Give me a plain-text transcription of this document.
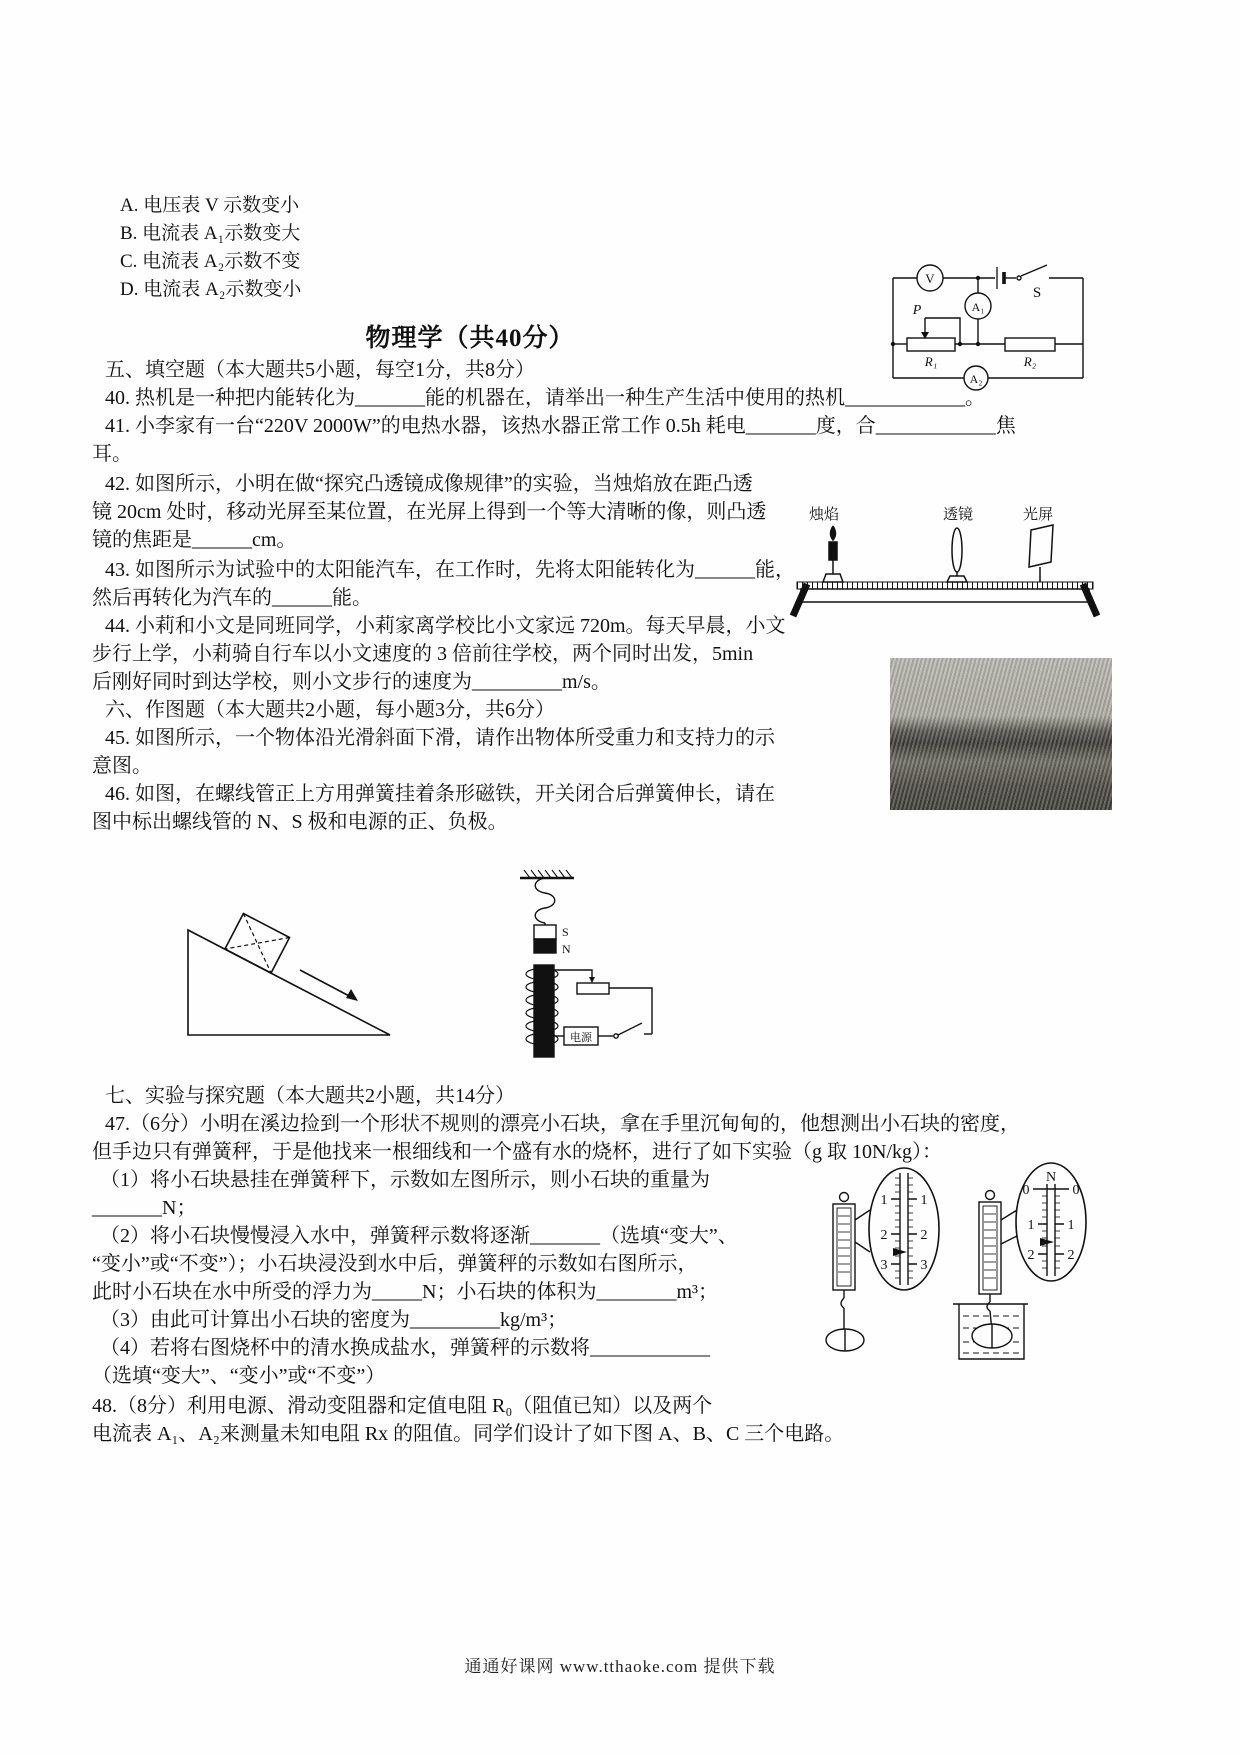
A. 电压表 V 示数变小
B. 电流表 A₁示数变大
C. 电流表 A₂示数不变
D. 电流表 A₂示数变小
V
A₁
A₂
S
P
R₁	R₂
物理学（共40分）
五、填空题（本大题共5小题，每空1分，共8分）
40. 热机是一种把内能转化为_______能的机器在，请举出一种生产生活中使用的热机____________。
41. 小李家有一台“220V 2000W”的电热水器，该热水器正常工作 0.5h 耗电_______度，合____________焦
耳。
42. 如图所示，小明在做“探究凸透镜成像规律”的实验，当烛焰放在距凸透
镜 20cm 处时，移动光屏至某位置，在光屏上得到一个等大清晰的像，则凸透
镜的焦距是______cm。
43. 如图所示为试验中的太阳能汽车，在工作时，先将太阳能转化为______能，
然后再转化为汽车的______能。
44. 小莉和小文是同班同学，小莉家离学校比小文家远 720m。每天早晨，小文
步行上学，小莉骑自行车以小文速度的 3 倍前往学校，两个同时出发，5min
后刚好同时到达学校，则小文步行的速度为_________m/s。
烛焰	透镜	光屏
六、作图题（本大题共2小题，每小题3分，共6分）
45. 如图所示，一个物体沿光滑斜面下滑，请作出物体所受重力和支持力的示
意图。
46. 如图，在螺线管正上方用弹簧挂着条形磁铁，开关闭合后弹簧伸长，请在
图中标出螺线管的 N、S 极和电源的正、负极。
S
N
电源
七、实验与探究题（本大题共2小题，共14分）
47.（6分）小明在溪边捡到一个形状不规则的漂亮小石块，拿在手里沉甸甸的，他想测出小石块的密度，
但手边只有弹簧秤，于是他找来一根细线和一个盛有水的烧杯，进行了如下实验（g 取 10N/kg）：
（1）将小石块悬挂在弹簧秤下，示数如左图所示，则小石块的重量为
_______N；
（2）将小石块慢慢浸入水中，弹簧秤示数将逐渐_______（选填“变大”、
“变小”或“不变”）；小石块浸没到水中后，弹簧秤的示数如右图所示，
此时小石块在水中所受的浮力为_____N；小石块的体积为________m³；
（3）由此可计算出小石块的密度为_________kg/m³；
（4）若将右图烧杯中的清水换成盐水，弹簧秤的示数将____________
（选填“变大”、“变小”或“不变”）
48.（8分）利用电源、滑动变阻器和定值电阻 R₀（阻值已知）以及两个
电流表 A₁、A₂来测量未知电阻 Rx 的阻值。同学们设计了如下图 A、B、C 三个电路。
1 1
2 2
3 3
N
0	0
1 1
2 2
通通好课网 www.tthaoke.com 提供下载
